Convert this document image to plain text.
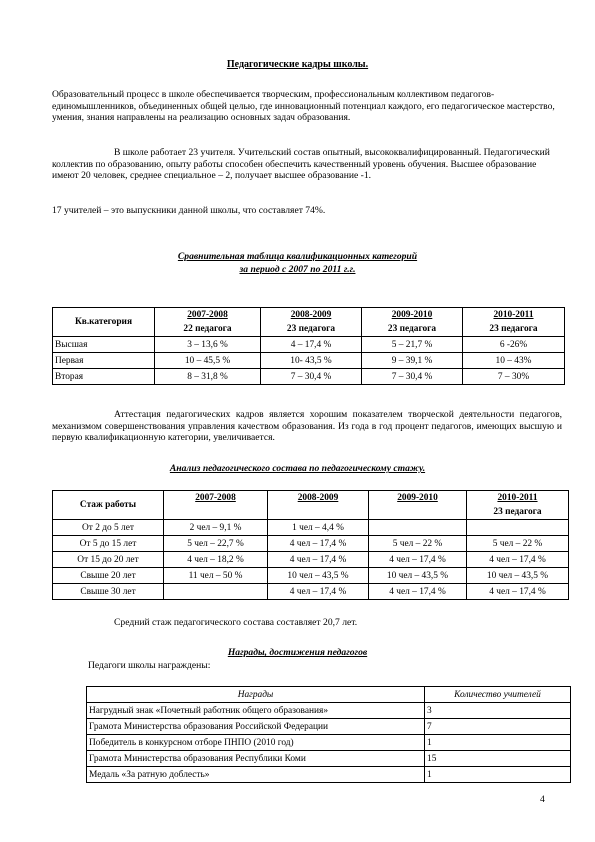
Педагогические кадры школы.
Образовательный процесс в школе обеспечивается творческим, профессиональным коллективом педагогов-единомышленников, объединенных общей целью, где инновационный потенциал каждого, его педагогическое мастерство, умения, знания направлены на реализацию основных задач образования.
В школе работает 23 учителя. Учительский состав опытный, высококвалифицированный. Педагогический коллектив по образованию, опыту работы способен обеспечить качественный уровень обучения. Высшее образование имеют 20 человек, среднее специальное – 2, получает высшее образование -1.
17 учителей – это выпускники данной школы, что составляет 74%.
Сравнительная таблица квалификационных категорий
за период с 2007 по 2011 г.г.
Кв.категория	2007-2008	2008-2009	2009-2010	2010-2011
	22 педагога	23 педагога	23 педагога	23 педагога
Высшая	3 – 13,6 %	4 – 17,4 %	5 – 21,7 %	6 -26%
Первая	10 – 45,5 %	10- 43,5 %	9 – 39,1 %	10 – 43%
Вторая	8 – 31,8 %	7 – 30,4 %	7 – 30,4 %	7 – 30%
Аттестация педагогических кадров является хорошим показателем творческой деятельности педагогов, механизмом совершенствования управления качеством образования. Из года в год процент педагогов, имеющих высшую и первую квалификационную категории, увеличивается.
Анализ педагогического состава по педагогическому стажу.
Стаж работы	2007-2008	2008-2009	2009-2010	2010-2011
				23 педагога
От 2 до 5 лет	2 чел – 9,1 %	1 чел – 4,4 %		
От 5 до 15 лет	5 чел – 22,7 %	4 чел – 17,4 %	5 чел – 22 %	5 чел – 22 %
От 15 до 20 лет	4 чел – 18,2 %	4 чел – 17,4 %	4 чел – 17,4 %	4 чел – 17,4 %
Свыше 20 лет	11 чел – 50 %	10 чел – 43,5 %	10 чел – 43,5 %	10 чел – 43,5 %
Свыше 30 лет		4 чел – 17,4 %	4 чел – 17,4 %	4 чел – 17,4 %
Средний стаж педагогического состава составляет 20,7 лет.
Награды, достижения педагогов
Педагоги школы награждены:
Награды	Количество учителей
Нагрудный знак «Почетный работник общего образования»	3
Грамота Министерства образования Российской Федерации	7
Победитель в конкурсном отборе ПНПО (2010 год)	1
Грамота Министерства образования Республики Коми	15
Медаль «За ратную доблесть»	1
4
